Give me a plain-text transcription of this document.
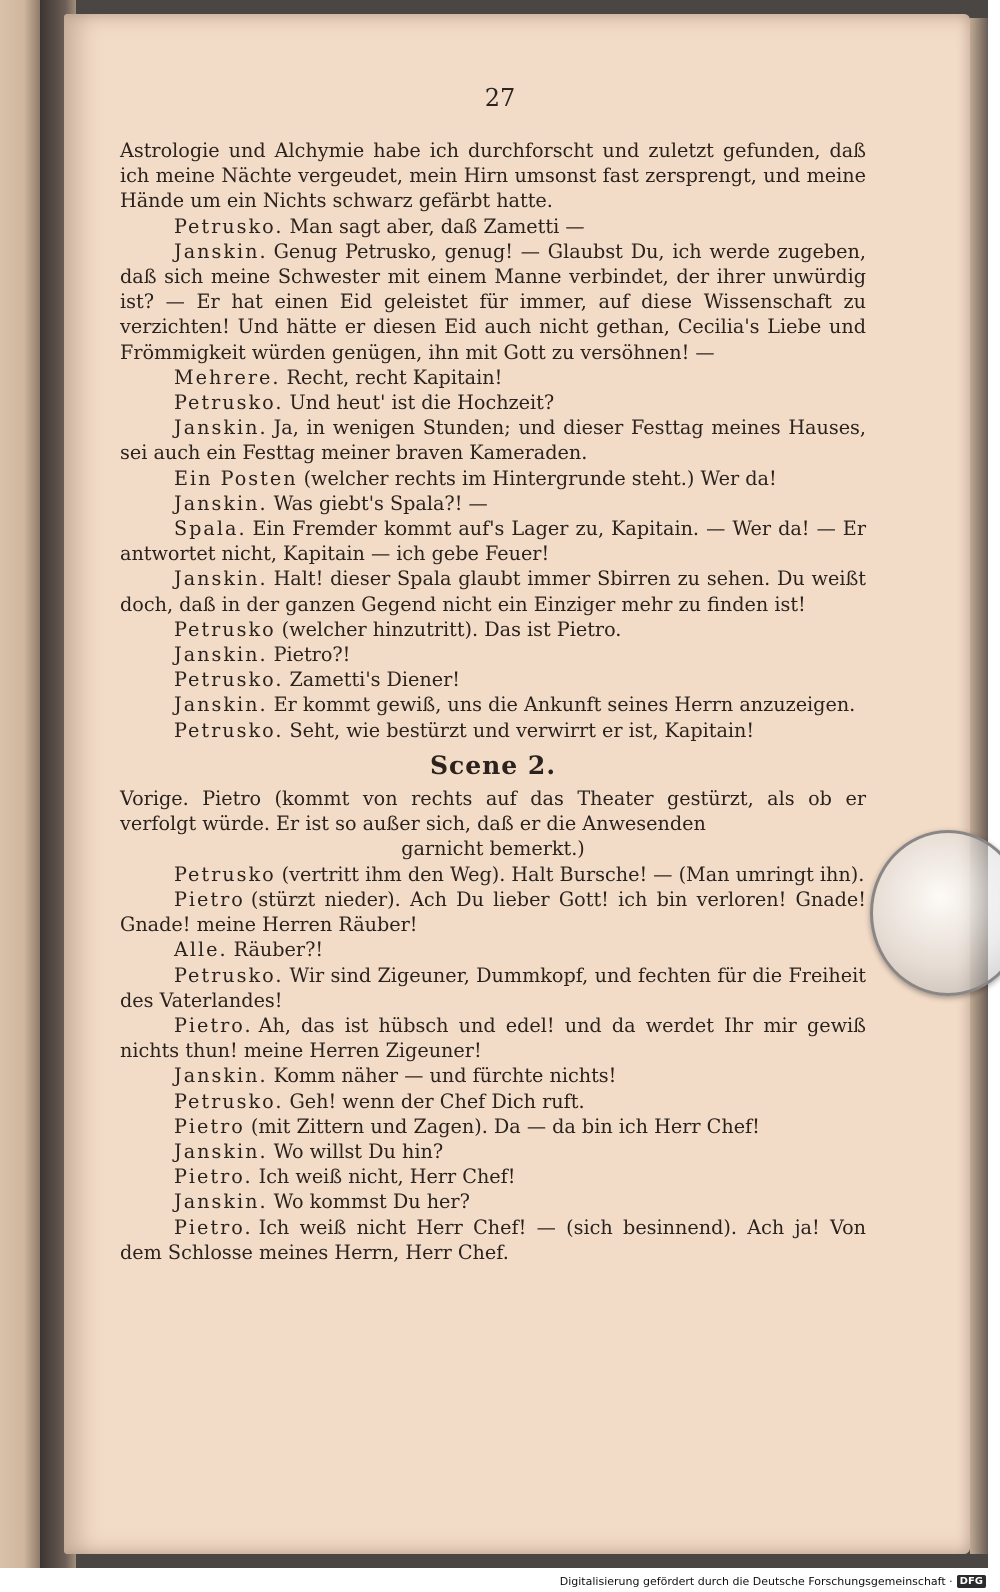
27

Astrologie und Alchymie habe ich durchforscht und zuletzt gefunden, daß ich meine Nächte vergeudet, mein Hirn umsonst fast zersprengt, und meine Hände um ein Nichts schwarz gefärbt hatte.

Petrusko. Man sagt aber, daß Zametti —

Janskin. Genug Petrusko, genug! — Glaubst Du, ich werde zugeben, daß sich meine Schwester mit einem Manne verbindet, der ihrer unwürdig ist? — Er hat einen Eid geleistet für immer, auf diese Wissenschaft zu verzichten! Und hätte er diesen Eid auch nicht gethan, Cecilia's Liebe und Frömmigkeit würden genügen, ihn mit Gott zu versöhnen! —

Mehrere. Recht, recht Kapitain!

Petrusko. Und heut' ist die Hochzeit?

Janskin. Ja, in wenigen Stunden; und dieser Festtag meines Hauses, sei auch ein Festtag meiner braven Kameraden.

Ein Posten (welcher rechts im Hintergrunde steht.) Wer da!

Janskin. Was giebt's Spala?! —

Spala. Ein Fremder kommt auf's Lager zu, Kapitain. — Wer da! — Er antwortet nicht, Kapitain — ich gebe Feuer!

Janskin. Halt! dieser Spala glaubt immer Sbirren zu sehen. Du weißt doch, daß in der ganzen Gegend nicht ein Einziger mehr zu finden ist!

Petrusko (welcher hinzutritt). Das ist Pietro.

Janskin. Pietro?!

Petrusko. Zametti's Diener!

Janskin. Er kommt gewiß, uns die Ankunft seines Herrn anzuzeigen.

Petrusko. Seht, wie bestürzt und verwirrt er ist, Kapitain!

Scene 2.

Vorige. Pietro (kommt von rechts auf das Theater gestürzt, als ob er verfolgt würde. Er ist so außer sich, daß er die Anwesenden
garnicht bemerkt.)

Petrusko (vertritt ihm den Weg). Halt Bursche! — (Man umringt ihn).

Pietro (stürzt nieder). Ach Du lieber Gott! ich bin verloren! Gnade! Gnade! meine Herren Räuber!

Alle. Räuber?!

Petrusko. Wir sind Zigeuner, Dummkopf, und fechten für die Freiheit des Vaterlandes!

Pietro. Ah, das ist hübsch und edel! und da werdet Ihr mir gewiß nichts thun! meine Herren Zigeuner!

Janskin. Komm näher — und fürchte nichts!

Petrusko. Geh! wenn der Chef Dich ruft.

Pietro (mit Zittern und Zagen). Da — da bin ich Herr Chef!

Janskin. Wo willst Du hin?

Pietro. Ich weiß nicht, Herr Chef!

Janskin. Wo kommst Du her?

Pietro. Ich weiß nicht Herr Chef! — (sich besinnend). Ach ja! Von dem Schlosse meines Herrn, Herr Chef.

Digitalisierung gefördert durch die Deutsche Forschungsgemeinschaft · DFG
